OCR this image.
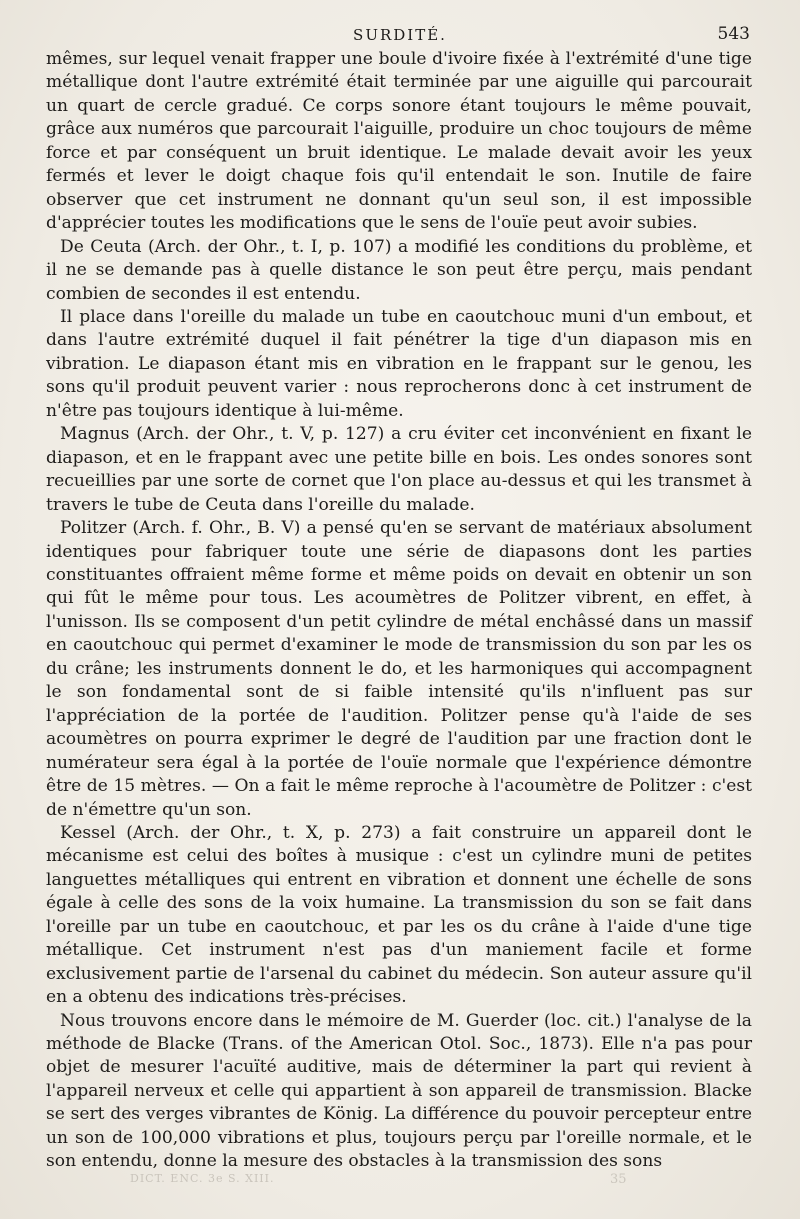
SURDITÉ.	543

mêmes, sur lequel venait frapper une boule d'ivoire fixée à l'extrémité d'une tige métallique dont l'autre extrémité était terminée par une aiguille qui parcourait un quart de cercle gradué. Ce corps sonore étant toujours le même pouvait, grâce aux numéros que parcourait l'aiguille, produire un choc toujours de même force et par conséquent un bruit identique. Le malade devait avoir les yeux fermés et lever le doigt chaque fois qu'il entendait le son. Inutile de faire observer que cet instrument ne donnant qu'un seul son, il est impossible d'apprécier toutes les modifications que le sens de l'ouïe peut avoir subies.

De Ceuta (Arch. der Ohr., t. I, p. 107) a modifié les conditions du problème, et il ne se demande pas à quelle distance le son peut être perçu, mais pendant combien de secondes il est entendu.

Il place dans l'oreille du malade un tube en caoutchouc muni d'un embout, et dans l'autre extrémité duquel il fait pénétrer la tige d'un diapason mis en vibration. Le diapason étant mis en vibration en le frappant sur le genou, les sons qu'il produit peuvent varier : nous reprocherons donc à cet instrument de n'être pas toujours identique à lui-même.

Magnus (Arch. der Ohr., t. V, p. 127) a cru éviter cet inconvénient en fixant le diapason, et en le frappant avec une petite bille en bois. Les ondes sonores sont recueillies par une sorte de cornet que l'on place au-dessus et qui les transmet à travers le tube de Ceuta dans l'oreille du malade.

Politzer (Arch. f. Ohr., B. V) a pensé qu'en se servant de matériaux absolument identiques pour fabriquer toute une série de diapasons dont les parties constituantes offraient même forme et même poids on devait en obtenir un son qui fût le même pour tous. Les acoumètres de Politzer vibrent, en effet, à l'unisson. Ils se composent d'un petit cylindre de métal enchâssé dans un massif en caoutchouc qui permet d'examiner le mode de transmission du son par les os du crâne; les instruments donnent le do, et les harmoniques qui accompagnent le son fondamental sont de si faible intensité qu'ils n'influent pas sur l'appréciation de la portée de l'audition. Politzer pense qu'à l'aide de ses acoumètres on pourra exprimer le degré de l'audition par une fraction dont le numérateur sera égal à la portée de l'ouïe normale que l'expérience démontre être de 15 mètres. — On a fait le même reproche à l'acoumètre de Politzer : c'est de n'émettre qu'un son.

Kessel (Arch. der Ohr., t. X, p. 273) a fait construire un appareil dont le mécanisme est celui des boîtes à musique : c'est un cylindre muni de petites languettes métalliques qui entrent en vibration et donnent une échelle de sons égale à celle des sons de la voix humaine. La transmission du son se fait dans l'oreille par un tube en caoutchouc, et par les os du crâne à l'aide d'une tige métallique. Cet instrument n'est pas d'un maniement facile et forme exclusivement partie de l'arsenal du cabinet du médecin. Son auteur assure qu'il en a obtenu des indications très-précises.

Nous trouvons encore dans le mémoire de M. Guerder (loc. cit.) l'analyse de la méthode de Blacke (Trans. of the American Otol. Soc., 1873). Elle n'a pas pour objet de mesurer l'acuïté auditive, mais de déterminer la part qui revient à l'appareil nerveux et celle qui appartient à son appareil de transmission. Blacke se sert des verges vibrantes de König. La différence du pouvoir percepteur entre un son de 100,000 vibrations et plus, toujours perçu par l'oreille normale, et le son entendu, donne la mesure des obstacles à la transmission des sons

DICT. ENC. 3e S. XIII.	35
